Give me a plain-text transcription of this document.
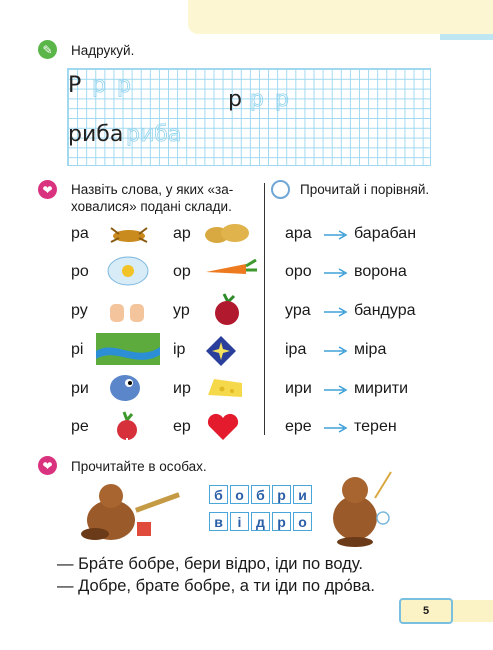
✎	Надрукуй.
Р р р
р р р
риба риба
❤	Назвіть слова, у яких «за-
ховалися» подані склади.
ра	ар
ро	ор
ру	ур
рі	ір
ри	ир
ре	ер
Прочитай і порівняй.
ара	барабан
оро	ворона
ура	бандура
іра	міра
ири	мирити
ере	терен
❤	Прочитайте в особах.
б о б р и
в	і	д р о
— Бра́те бобре, бери відро, іди по воду.
— Добре, брате бобре, а ти іди по дро́ва.
5
